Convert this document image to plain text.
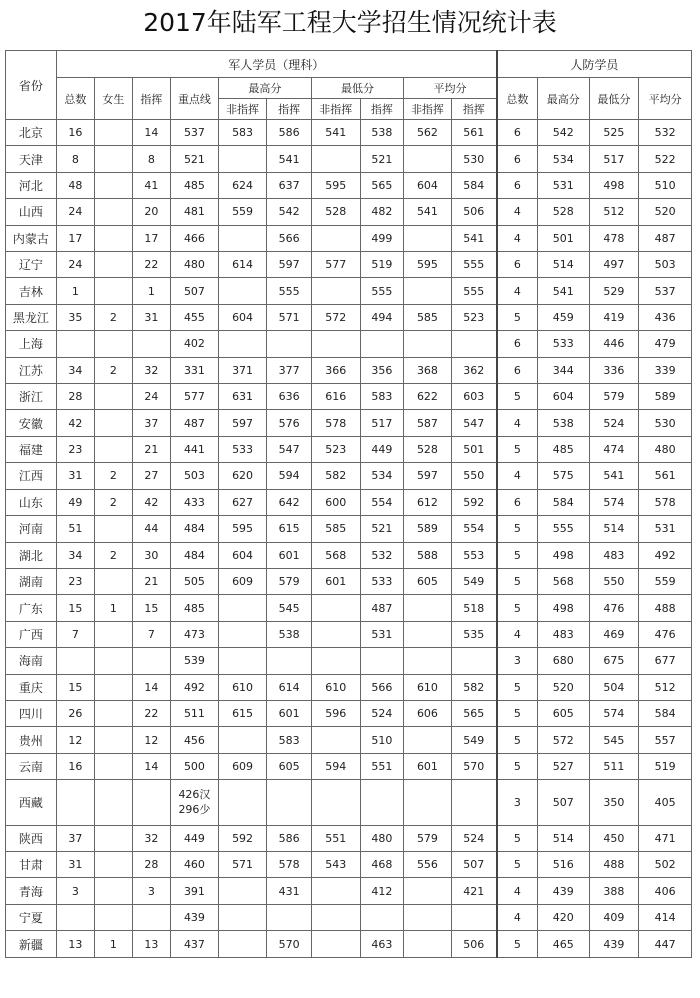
2017年陆军工程大学招生情况统计表
省份	军人学员（理科）										人防学员			
	总数	女生	指挥	重点线	最高分		最低分		平均分		总数	最高分	最低分	平均分
					非指挥	指挥	非指挥	指挥	非指挥	指挥				
北京	16		14	537	583	586	541	538	562	561	6	542	525	532
天津	8		8	521		541		521		530	6	534	517	522
河北	48		41	485	624	637	595	565	604	584	6	531	498	510
山西	24		20	481	559	542	528	482	541	506	4	528	512	520
内蒙古	17		17	466		566		499		541	4	501	478	487
辽宁	24		22	480	614	597	577	519	595	555	6	514	497	503
吉林	1		1	507		555		555		555	4	541	529	537
黑龙江	35	2	31	455	604	571	572	494	585	523	5	459	419	436
上海				402							6	533	446	479
江苏	34	2	32	331	371	377	366	356	368	362	6	344	336	339
浙江	28		24	577	631	636	616	583	622	603	5	604	579	589
安徽	42		37	487	597	576	578	517	587	547	4	538	524	530
福建	23		21	441	533	547	523	449	528	501	5	485	474	480
江西	31	2	27	503	620	594	582	534	597	550	4	575	541	561
山东	49	2	42	433	627	642	600	554	612	592	6	584	574	578
河南	51		44	484	595	615	585	521	589	554	5	555	514	531
湖北	34	2	30	484	604	601	568	532	588	553	5	498	483	492
湖南	23		21	505	609	579	601	533	605	549	5	568	550	559
广东	15	1	15	485		545		487		518	5	498	476	488
广西	7		7	473		538		531		535	4	483	469	476
海南				539							3	680	675	677
重庆	15		14	492	610	614	610	566	610	582	5	520	504	512
四川	26		22	511	615	601	596	524	606	565	5	605	574	584
贵州	12		12	456		583		510		549	5	572	545	557
云南	16		14	500	609	605	594	551	601	570	5	527	511	519
西藏				426汉
296少							3	507	350	405
陕西	37		32	449	592	586	551	480	579	524	5	514	450	471
甘肃	31		28	460	571	578	543	468	556	507	5	516	488	502
青海	3		3	391		431		412		421	4	439	388	406
宁夏				439							4	420	409	414
新疆	13	1	13	437		570		463		506	5	465	439	447
